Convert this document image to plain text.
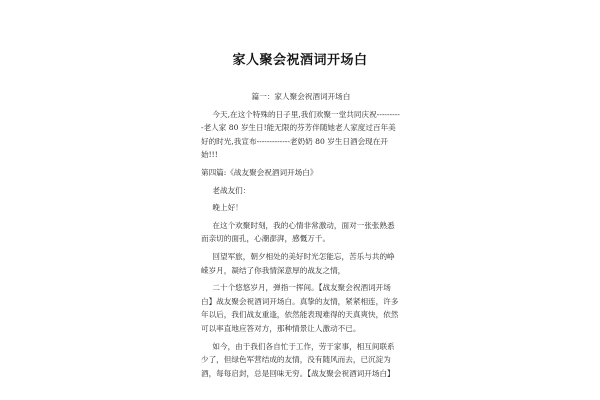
家人聚会祝酒词开场白

篇一：家人聚会祝酒词开场白

今天,在这个特殊的日子里,我们欢聚一堂共同庆祝----------老人家 80 岁生日!能无限的芬芳伴随她老人家度过百年美好的时光,我宣布-------------老奶奶 80 岁生日酒会现在开始!!!

第四篇:《战友聚会祝酒词开场白》

老战友们：

晚上好！

在这个欢聚时刻，我的心情非常激动，面对一张张熟悉而亲切的面孔，心潮澎湃，感慨万千。

回望军旅，朝夕相处的美好时光怎能忘，苦乐与共的峥嵘岁月，凝结了你我情深意厚的战友之情，

二十个悠悠岁月，弹指一挥间。【战友聚会祝酒词开场白】战友聚会祝酒词开场白。真挚的友情，紧紧相连，许多年以后，我们战友重逢，依然能表现难得的天真爽快，依然可以率直地应答对方，那种情景让人激动不已。

如今，由于我们各自忙于工作，劳于家事，相互间联系少了，但绿色军营结成的友情，没有随风而去，已沉淀为酒，每每启封，总是回味无穷。【战友聚会祝酒词开场白】
